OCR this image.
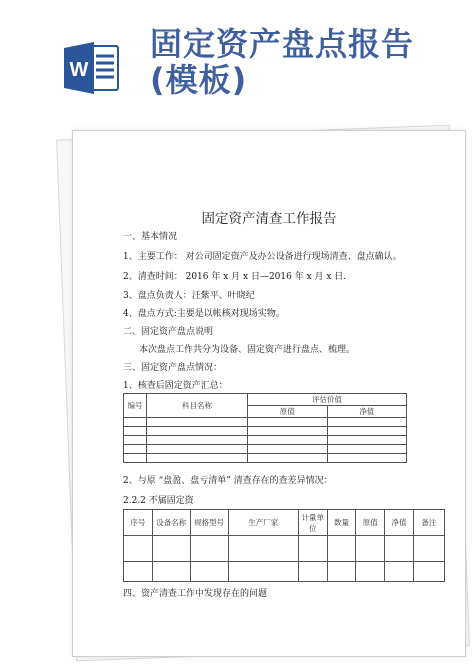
W
固定资产盘点报告
(模板)
固定资产清查工作报告
一、基本情况
1、主要工作： 对公司固定资产及办公设备进行现场清查、盘点确认。
2、清查时间： 2016 年 x 月 x 日—2016 年 x 月 x 日.
3、盘点负责人：汪紫平、叶晓纪
4、盘点方式:主要是以帐核对现场实物。
二、固定资产盘点说明
本次盘点工作共分为设备、固定资产进行盘点、梳理。
三、固定资产盘点情况：
1、核查后固定资产汇总：
编号	科目名称	评估价值	
		原值	净值

2、与原 “盘盈、盘亏清单” 清查存在的查差异情况：
2.2.2 不属固定资
序号	设备名称	规格型号	生产厂家	计量单位	数量	原值	净值	备注

四、资产清查工作中发现存在的问题
